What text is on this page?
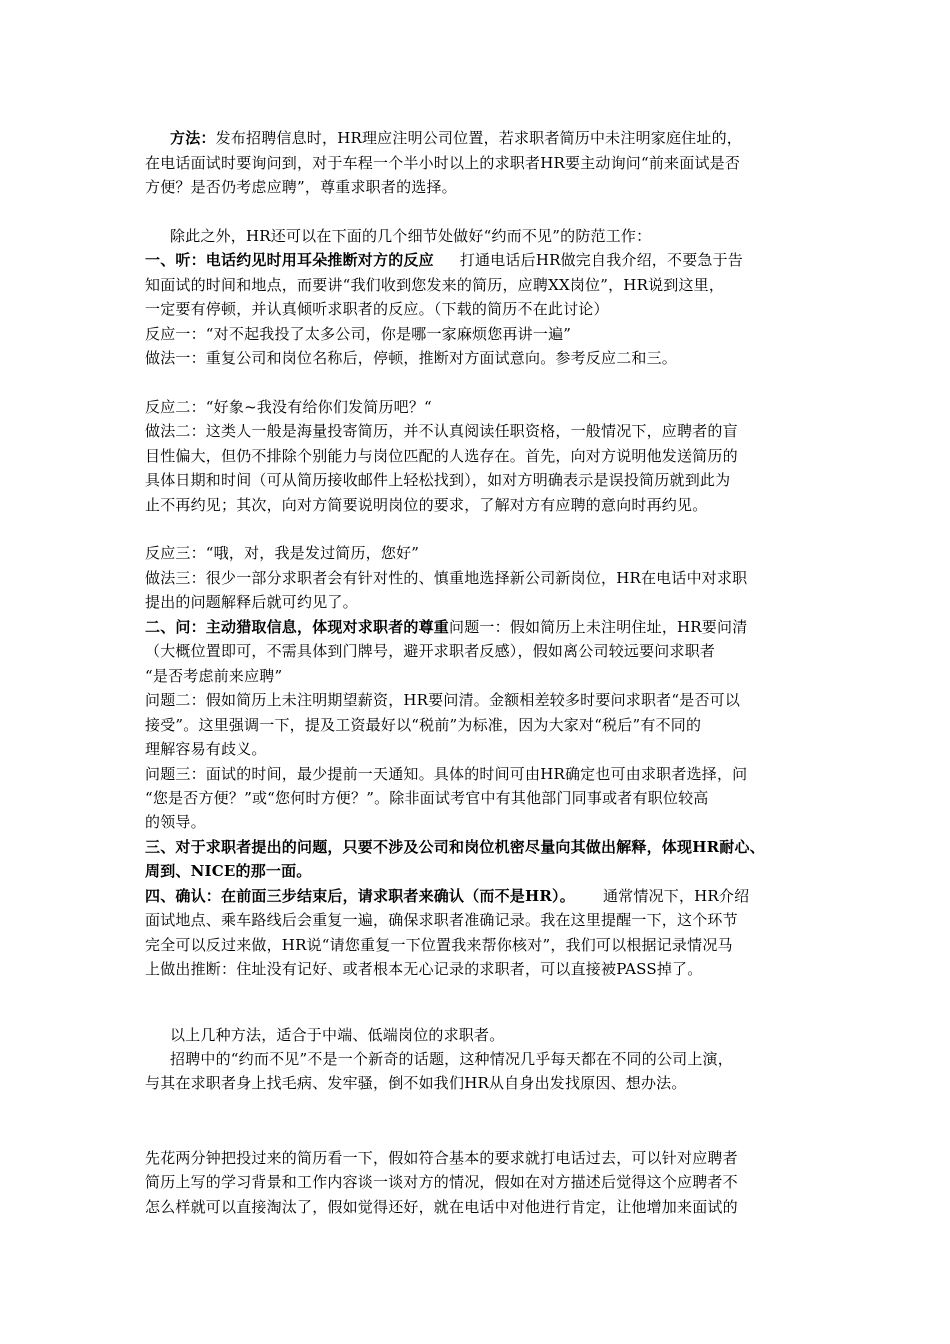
方法：发布招聘信息时，HR理应注明公司位置，若求职者简历中未注明家庭住址的，
在电话面试时要询问到，对于车程一个半小时以上的求职者HR要主动询问“前来面试是否
方便？是否仍考虑应聘”，尊重求职者的选择。
除此之外，HR还可以在下面的几个细节处做好“约而不见”的防范工作：
一、听：电话约见时用耳朵推断对方的反应 打通电话后HR做完自我介绍，不要急于告
知面试的时间和地点，而要讲“我们收到您发来的简历，应聘XX岗位”，HR说到这里，
一定要有停顿，并认真倾听求职者的反应。（下载的简历不在此讨论）
反应一：“对不起我投了太多公司，你是哪一家麻烦您再讲一遍”
做法一：重复公司和岗位名称后，停顿，推断对方面试意向。参考反应二和三。
反应二：“好象~我没有给你们发简历吧？“
做法二：这类人一般是海量投寄简历，并不认真阅读任职资格，一般情况下，应聘者的盲
目性偏大，但仍不排除个别能力与岗位匹配的人选存在。首先，向对方说明他发送简历的
具体日期和时间（可从简历接收邮件上轻松找到），如对方明确表示是误投简历就到此为
止不再约见；其次，向对方简要说明岗位的要求，了解对方有应聘的意向时再约见。
反应三：“哦，对，我是发过简历，您好”
做法三：很少一部分求职者会有针对性的、慎重地选择新公司新岗位，HR在电话中对求职
提出的问题解释后就可约见了。
二、问：主动猎取信息，体现对求职者的尊重问题一：假如简历上未注明住址，HR要问清
（大概位置即可，不需具体到门牌号，避开求职者反感），假如离公司较远要问求职者
“是否考虑前来应聘”
问题二：假如简历上未注明期望薪资，HR要问清。金额相差较多时要问求职者“是否可以
接受”。这里强调一下，提及工资最好以“税前”为标准，因为大家对“税后”有不同的
理解容易有歧义。
问题三：面试的时间，最少提前一天通知。具体的时间可由HR确定也可由求职者选择，问
“您是否方便？”或“您何时方便？”。除非面试考官中有其他部门同事或者有职位较高
的领导。
三、对于求职者提出的问题，只要不涉及公司和岗位机密尽量向其做出解释，体现HR耐心、
周到、NICE的那一面。
四、确认：在前面三步结束后，请求职者来确认（而不是HR）。 通常情况下，HR介绍
面试地点、乘车路线后会重复一遍，确保求职者准确记录。我在这里提醒一下，这个环节
完全可以反过来做，HR说“请您重复一下位置我来帮你核对”，我们可以根据记录情况马
上做出推断：住址没有记好、或者根本无心记录的求职者，可以直接被PASS掉了。
以上几种方法，适合于中端、低端岗位的求职者。
招聘中的“约而不见”不是一个新奇的话题，这种情况几乎每天都在不同的公司上演，
与其在求职者身上找毛病、发牢骚，倒不如我们HR从自身出发找原因、想办法。
先花两分钟把投过来的简历看一下，假如符合基本的要求就打电话过去，可以针对应聘者
简历上写的学习背景和工作内容谈一谈对方的情况，假如在对方描述后觉得这个应聘者不
怎么样就可以直接淘汰了，假如觉得还好，就在电话中对他进行肯定，让他增加来面试的
